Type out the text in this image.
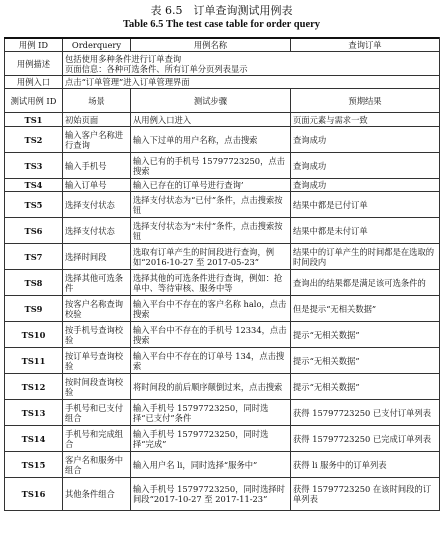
表 6.5　订单查询测试用例表
Table 6.5 The test case table for order query
用例 ID	Orderquery	用例名称	查询订单
用例描述	包括使用多种条件进行订单查询
页面信息：各种可选条件、所有订单分页列表显示		

用例入口	点击“订单管理”进入订单管理界面		
测试用例 ID	场景	测试步骤	预期结果
TS1	初始页面	从用例入口进入	页面元素与需求一致
TS2	输入客户名称进行查询	输入下过单的用户名称，点击搜索	查询成功
TS3	输入手机号	输入已有的手机号 15797723250，点击搜索	查询成功
TS4	输入订单号	输入已存在的订单号进行查询’	查询成功
TS5	选择支付状态	选择支付状态为“已付”条件，点击搜索按钮	结果中都是已付订单
TS6	选择支付状态	选择支付状态为“未付”条件，点击搜索按钮	结果中都是未付订单
TS7	选择时间段	选取有订单产生的时间段进行查询，例如“2016-10-27 至 2017-05-23”	结果中的订单产生的时间都是在选取的时间段内
TS8	选择其他可选条件	选择其他的可选条件进行查询，例如：抢单中、等待审核、服务中等	查询出的结果都是满足该可选条件的
TS9	按客户名称查询校验	输入平台中不存在的客户名称 halo，点击搜索	但是提示“无相关数据”
TS10	按手机号查询校验	输入平台中不存在的手机号 12334，点击搜索	提示“无相关数据”
TS11	按订单号查询校验	输入平台中不存在的订单号 134，点击搜索	提示“无相关数据”
TS12	按时间段查询校验	将时间段的前后顺序颠倒过来，点击搜索	提示“无相关数据”
TS13	手机号和已支付组合	输入手机号 15797723250，同时选择“已支付”条件	获得 15797723250 已支付订单列表
TS14	手机号和完成组合	输入手机号 15797723250，同时选择“完成”	获得 15797723250 已完成订单列表
TS15	客户名和服务中组合	输入用户名 li，同时选择“服务中”	获得 li 服务中的订单列表
TS16	其他条件组合	输入手机号 15797723250，同时选择时间段“2017-10-27 至 2017-11-23”	获得 15797723250 在该时间段的订单列表
